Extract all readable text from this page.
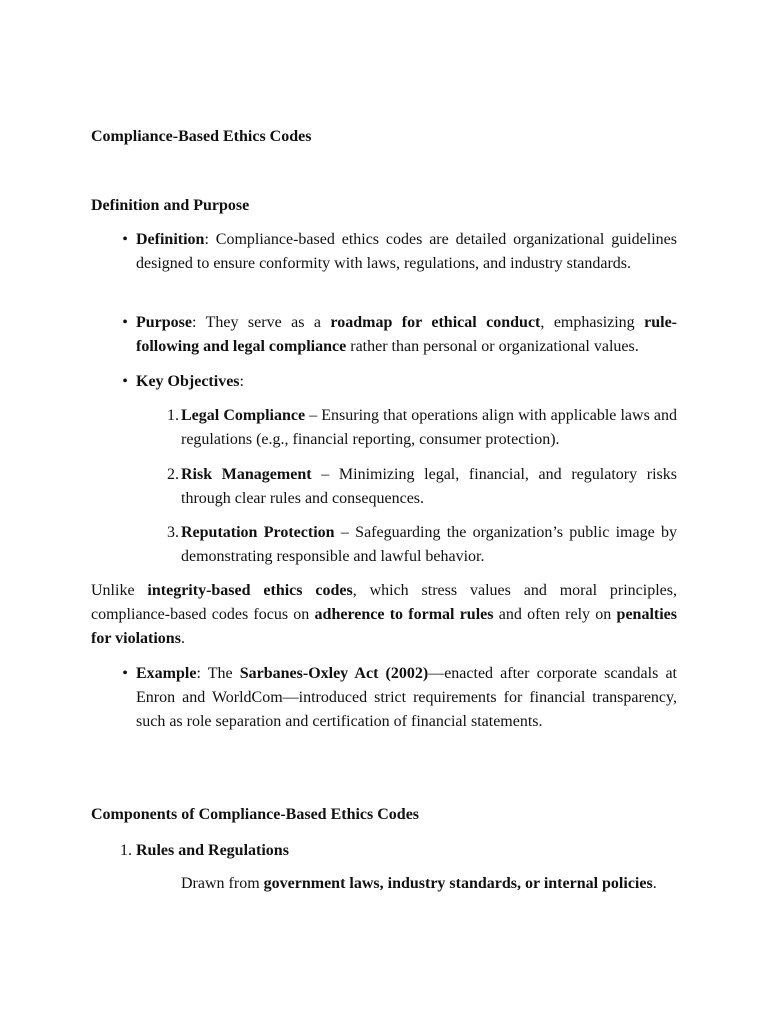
Compliance-Based Ethics Codes
Definition and Purpose
• Definition: Compliance-based ethics codes are detailed organizational guidelines designed to ensure conformity with laws, regulations, and industry standards.
• Purpose: They serve as a roadmap for ethical conduct, emphasizing rule-following and legal compliance rather than personal or organizational values.
• Key Objectives:
1. Legal Compliance – Ensuring that operations align with applicable laws and regulations (e.g., financial reporting, consumer protection).
2. Risk Management – Minimizing legal, financial, and regulatory risks through clear rules and consequences.
3. Reputation Protection – Safeguarding the organization’s public image by demonstrating responsible and lawful behavior.
Unlike integrity-based ethics codes, which stress values and moral principles, compliance-based codes focus on adherence to formal rules and often rely on penalties for violations.
• Example: The Sarbanes-Oxley Act (2002)—enacted after corporate scandals at Enron and WorldCom—introduced strict requirements for financial transparency, such as role separation and certification of financial statements.
Components of Compliance-Based Ethics Codes
1. Rules and Regulations
Drawn from government laws, industry standards, or internal policies.
